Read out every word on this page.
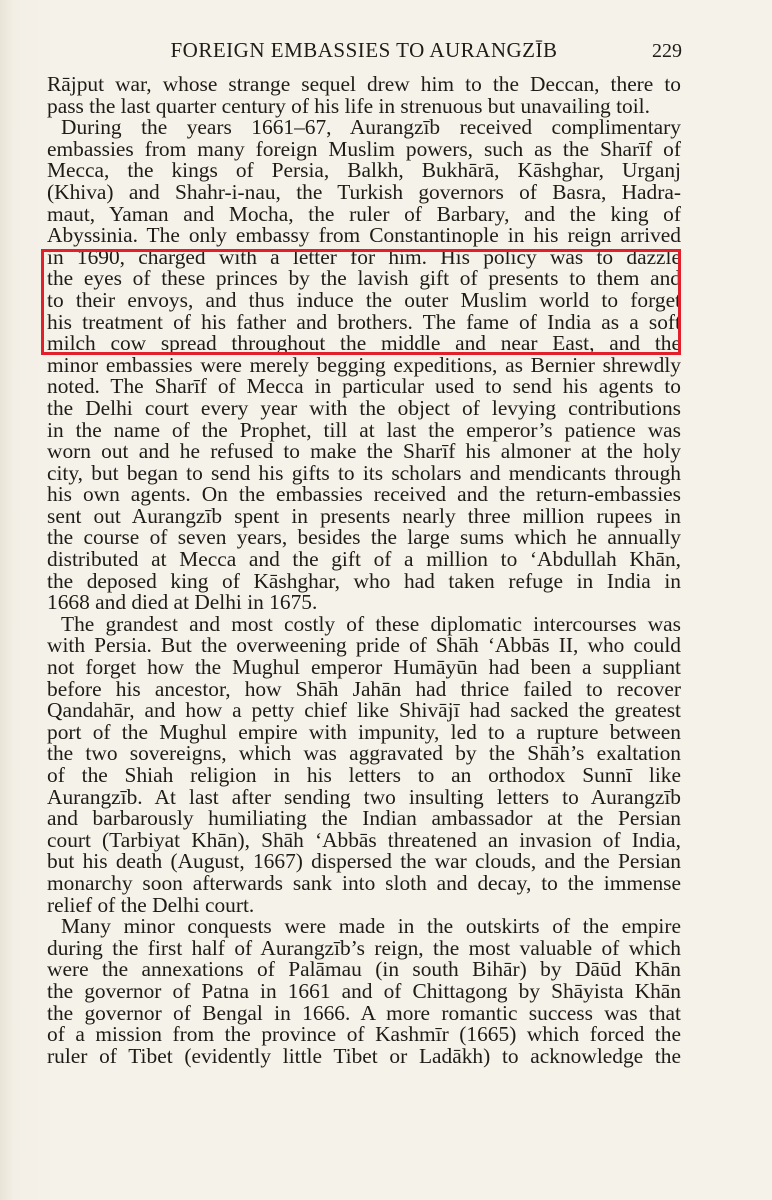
FOREIGN EMBASSIES TO AURANGZĪB	229
Rājput war, whose strange sequel drew him to the Deccan, there to
pass the last quarter century of his life in strenuous but unavailing toil.
During the years 1661–67, Aurangzīb received complimentary
embassies from many foreign Muslim powers, such as the Sharīf of
Mecca, the kings of Persia, Balkh, Bukhārā, Kāshghar, Urganj
(Khiva) and Shahr-i-nau, the Turkish governors of Basra, Hadra-
maut, Yaman and Mocha, the ruler of Barbary, and the king of
Abyssinia. The only embassy from Constantinople in his reign arrived
in 1690, charged with a letter for him. His policy was to dazzle
the eyes of these princes by the lavish gift of presents to them and
to their envoys, and thus induce the outer Muslim world to forget
his treatment of his father and brothers. The fame of India as a soft
milch cow spread throughout the middle and near East, and the
minor embassies were merely begging expeditions, as Bernier shrewdly
noted. The Sharīf of Mecca in particular used to send his agents to
the Delhi court every year with the object of levying contributions
in the name of the Prophet, till at last the emperor’s patience was
worn out and he refused to make the Sharīf his almoner at the holy
city, but began to send his gifts to its scholars and mendicants through
his own agents. On the embassies received and the return-embassies
sent out Aurangzīb spent in presents nearly three million rupees in
the course of seven years, besides the large sums which he annually
distributed at Mecca and the gift of a million to ‘Abdullah Khān,
the deposed king of Kāshghar, who had taken refuge in India in
1668 and died at Delhi in 1675.
The grandest and most costly of these diplomatic intercourses was
with Persia. But the overweening pride of Shāh ‘Abbās II, who could
not forget how the Mughul emperor Humāyūn had been a suppliant
before his ancestor, how Shāh Jahān had thrice failed to recover
Qandahār, and how a petty chief like Shivājī had sacked the greatest
port of the Mughul empire with impunity, led to a rupture between
the two sovereigns, which was aggravated by the Shāh’s exaltation
of the Shiah religion in his letters to an orthodox Sunnī like
Aurangzīb. At last after sending two insulting letters to Aurangzīb
and barbarously humiliating the Indian ambassador at the Persian
court (Tarbiyat Khān), Shāh ‘Abbās threatened an invasion of India,
but his death (August, 1667) dispersed the war clouds, and the Persian
monarchy soon afterwards sank into sloth and decay, to the immense
relief of the Delhi court.
Many minor conquests were made in the outskirts of the empire
during the first half of Aurangzīb’s reign, the most valuable of which
were the annexations of Palāmau (in south Bihār) by Dāūd Khān
the governor of Patna in 1661 and of Chittagong by Shāyista Khān
the governor of Bengal in 1666. A more romantic success was that
of a mission from the province of Kashmīr (1665) which forced the
ruler of Tibet (evidently little Tibet or Ladākh) to acknowledge the
